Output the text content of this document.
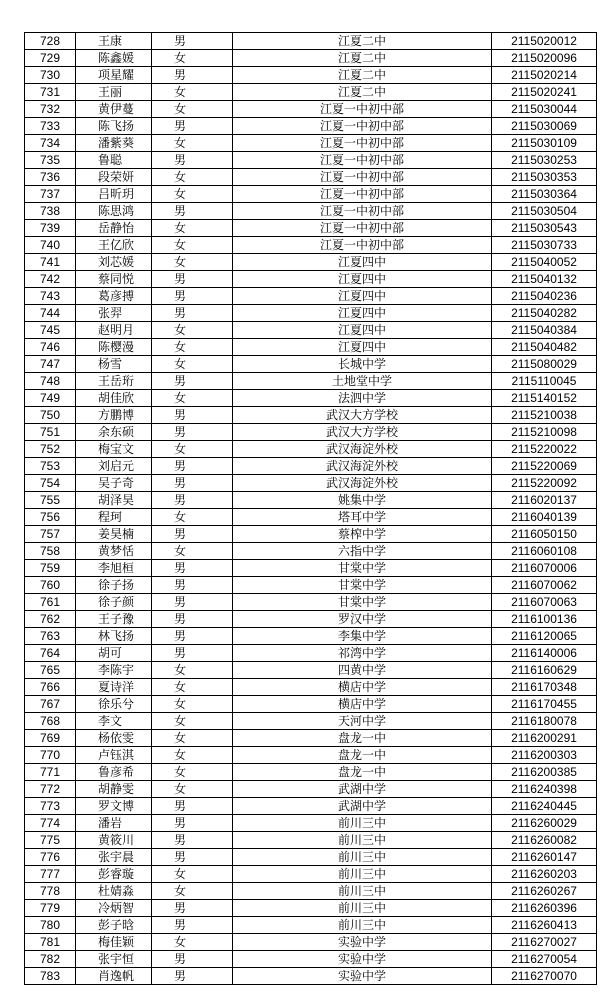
728	王康	男	江夏二中	2115020012
729	陈鑫媛	女	江夏二中	2115020096
730	项星耀	男	江夏二中	2115020214
731	王丽	女	江夏二中	2115020241
732	黄伊蔓	女	江夏一中初中部	2115030044
733	陈飞扬	男	江夏一中初中部	2115030069
734	潘紫葵	女	江夏一中初中部	2115030109
735	鲁聪	男	江夏一中初中部	2115030253
736	段荣妍	女	江夏一中初中部	2115030353
737	吕昕玥	女	江夏一中初中部	2115030364
738	陈思鸿	男	江夏一中初中部	2115030504
739	岳静怡	女	江夏一中初中部	2115030543
740	王亿欣	女	江夏一中初中部	2115030733
741	刘芯媛	女	江夏四中	2115040052
742	蔡同悦	男	江夏四中	2115040132
743	葛彦搏	男	江夏四中	2115040236
744	张羿	男	江夏四中	2115040282
745	赵明月	女	江夏四中	2115040384
746	陈樱漫	女	江夏四中	2115040482
747	杨雪	女	长城中学	2115080029
748	王岳珩	男	土地堂中学	2115110045
749	胡佳欣	女	法泗中学	2115140152
750	方鹏博	男	武汉大方学校	2115210038
751	余东硕	男	武汉大方学校	2115210098
752	梅宝文	女	武汉海淀外校	2115220022
753	刘启元	男	武汉海淀外校	2115220069
754	吴子奇	男	武汉海淀外校	2115220092
755	胡泽昊	男	姚集中学	2116020137
756	程珂	女	塔耳中学	2116040139
757	姜昊楠	男	蔡榨中学	2116050150
758	黄梦恬	女	六指中学	2116060108
759	李旭桓	男	甘棠中学	2116070006
760	徐子扬	男	甘棠中学	2116070062
761	徐子颜	男	甘棠中学	2116070063
762	王子豫	男	罗汉中学	2116100136
763	林飞扬	男	李集中学	2116120065
764	胡可	男	祁湾中学	2116140006
765	李陈宇	女	四黄中学	2116160629
766	夏诗洋	女	横店中学	2116170348
767	徐乐兮	女	横店中学	2116170455
768	李文	女	天河中学	2116180078
769	杨依雯	女	盘龙一中	2116200291
770	卢钰淇	女	盘龙一中	2116200303
771	鲁彦希	女	盘龙一中	2116200385
772	胡静雯	女	武湖中学	2116240398
773	罗文博	男	武湖中学	2116240445
774	潘岩	男	前川三中	2116260029
775	黄筱川	男	前川三中	2116260082
776	张宇晨	男	前川三中	2116260147
777	彭睿璇	女	前川三中	2116260203
778	杜婧淼	女	前川三中	2116260267
779	冷炳智	男	前川三中	2116260396
780	彭子晗	男	前川三中	2116260413
781	梅佳颖	女	实验中学	2116270027
782	张宇恒	男	实验中学	2116270054
783	肖逸帆	男	实验中学	2116270070
